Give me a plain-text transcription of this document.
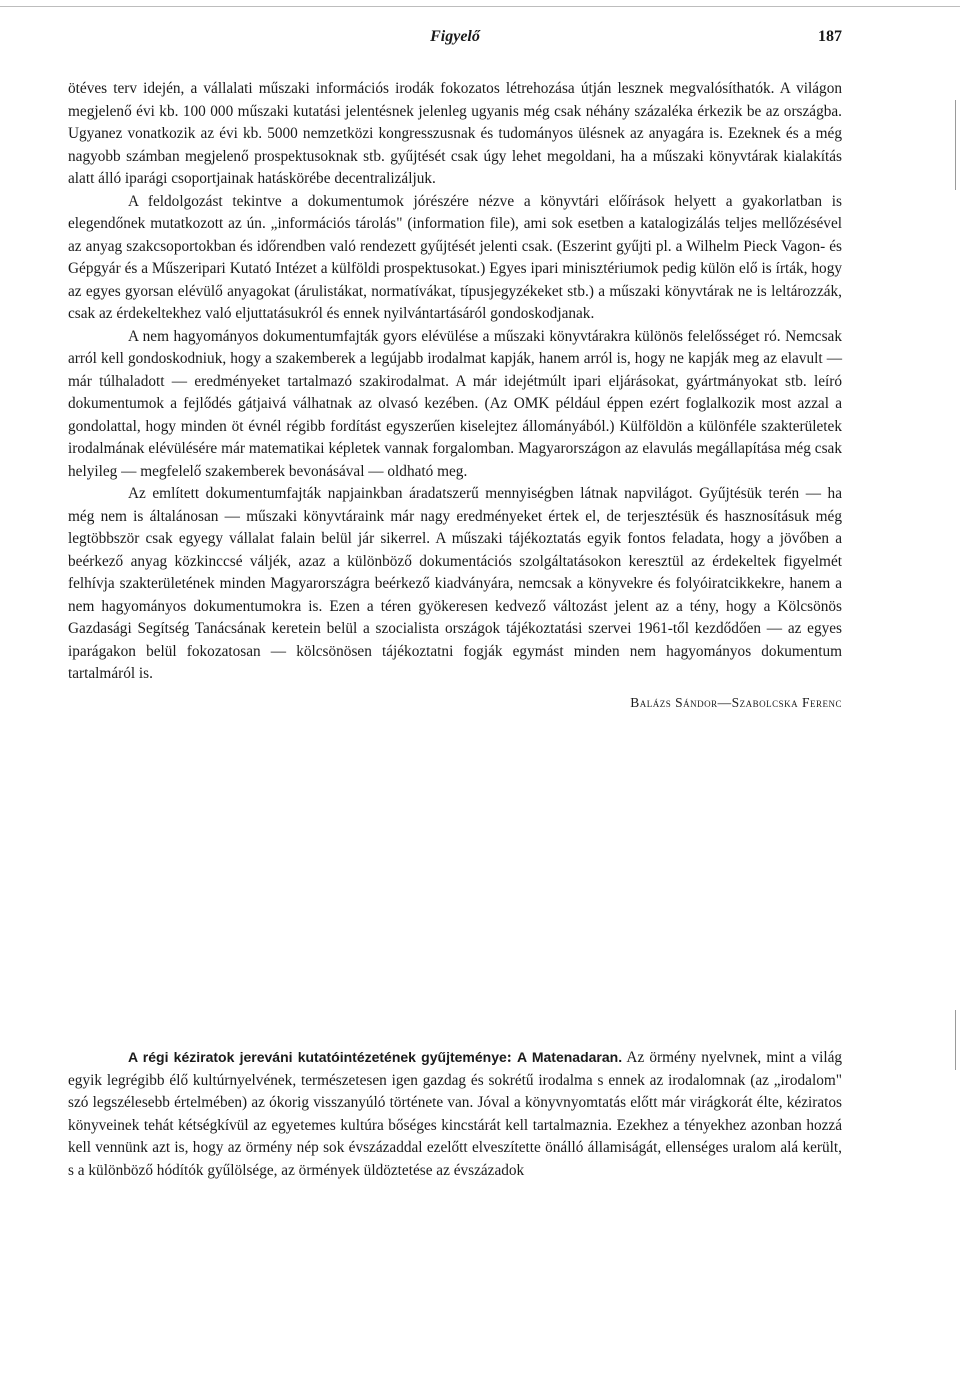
Figyelő	187

ötéves terv idején, a vállalati műszaki információs irodák fokozatos létrehozása útján lesznek megvalósíthatók. A világon megjelenő évi kb. 100 000 műszaki kutatási jelentésnek jelenleg ugyanis még csak néhány százaléka érkezik be az országba. Ugyanez vonatkozik az évi kb. 5000 nemzetközi kongresszusnak és tudományos ülésnek az anyagára is. Ezeknek és a még nagyobb számban megjelenő prospektusoknak stb. gyűjtését csak úgy lehet megoldani, ha a műszaki könyvtárak kialakítás alatt álló iparági csoportjainak hatáskörébe decentralizáljuk.

A feldolgozást tekintve a dokumentumok jórészére nézve a könyvtári előírások helyett a gyakorlatban is elegendőnek mutatkozott az ún. „információs tárolás" (information file), ami sok esetben a katalogizálás teljes mellőzésével az anyag szakcsoportokban és időrendben való rendezett gyűjtését jelenti csak. (Eszerint gyűjti pl. a Wilhelm Pieck Vagon- és Gépgyár és a Műszeripari Kutató Intézet a külföldi prospektusokat.) Egyes ipari minisztériumok pedig külön elő is írták, hogy az egyes gyorsan elévülő anyagokat (árulistákat, normatívákat, típusjegyzékeket stb.) a műszaki könyvtárak ne is leltározzák, csak az érdekeltekhez való eljuttatásukról és ennek nyilvántartásáról gondoskodjanak.

A nem hagyományos dokumentumfajták gyors elévülése a műszaki könyvtárakra különös felelősséget ró. Nemcsak arról kell gondoskodniuk, hogy a szakemberek a legújabb irodalmat kapják, hanem arról is, hogy ne kapják meg az elavult — már túlhaladott — eredményeket tartalmazó szakirodalmat. A már idejétmúlt ipari eljárásokat, gyártmányokat stb. leíró dokumentumok a fejlődés gátjaivá válhatnak az olvasó kezében. (Az OMK például éppen ezért foglalkozik most azzal a gondolattal, hogy minden öt évnél régibb fordítást egyszerűen kiselejtez állományából.) Külföldön a különféle szakterületek irodalmának elévülésére már matematikai képletek vannak forgalomban. Magyarországon az elavulás megállapítása még csak helyileg — megfelelő szakemberek bevonásával — oldható meg.

Az említett dokumentumfajták napjainkban áradatszerű mennyiségben látnak napvilágot. Gyűjtésük terén — ha még nem is általánosan — műszaki könyvtáraink már nagy eredményeket értek el, de terjesztésük és hasznosításuk még legtöbbször csak egyegy vállalat falain belül jár sikerrel. A műszaki tájékoztatás egyik fontos feladata, hogy a jövőben a beérkező anyag közkinccsé váljék, azaz a különböző dokumentációs szolgáltatásokon keresztül az érdekeltek figyelmét felhívja szakterületének minden Magyarországra beérkező kiadványára, nemcsak a könyvekre és folyóiratcikkekre, hanem a nem hagyományos dokumentumokra is. Ezen a téren gyökeresen kedvező változást jelent az a tény, hogy a Kölcsönös Gazdasági Segítség Tanácsának keretein belül a szocialista országok tájékoztatási szervei 1961-től kezdődően — az egyes iparágakon belül fokozatosan — kölcsönösen tájékoztatni fogják egymást minden nem hagyományos dokumentum tartalmáról is.

Balázs Sándor—Szabolcska Ferenc

A régi kéziratok jereváni kutatóintézetének gyűjteménye: A Matenadaran. Az örmény nyelvnek, mint a világ egyik legrégibb élő kultúrnyelvének, természetesen igen gazdag és sokrétű irodalma s ennek az irodalomnak (az „irodalom" szó legszélesebb értelmében) az ókorig visszanyúló története van. Jóval a könyvnyomtatás előtt már virágkorát élte, kéziratos könyveinek tehát kétségkívül az egyetemes kultúra bőséges kincstárát kell tartalmaznia. Ezekhez a tényekhez azonban hozzá kell vennünk azt is, hogy az örmény nép sok évszázaddal ezelőtt elveszítette önálló államiságát, ellenséges uralom alá került, s a különböző hódítók gyűlölsége, az örmények üldöztetése az évszázadok
